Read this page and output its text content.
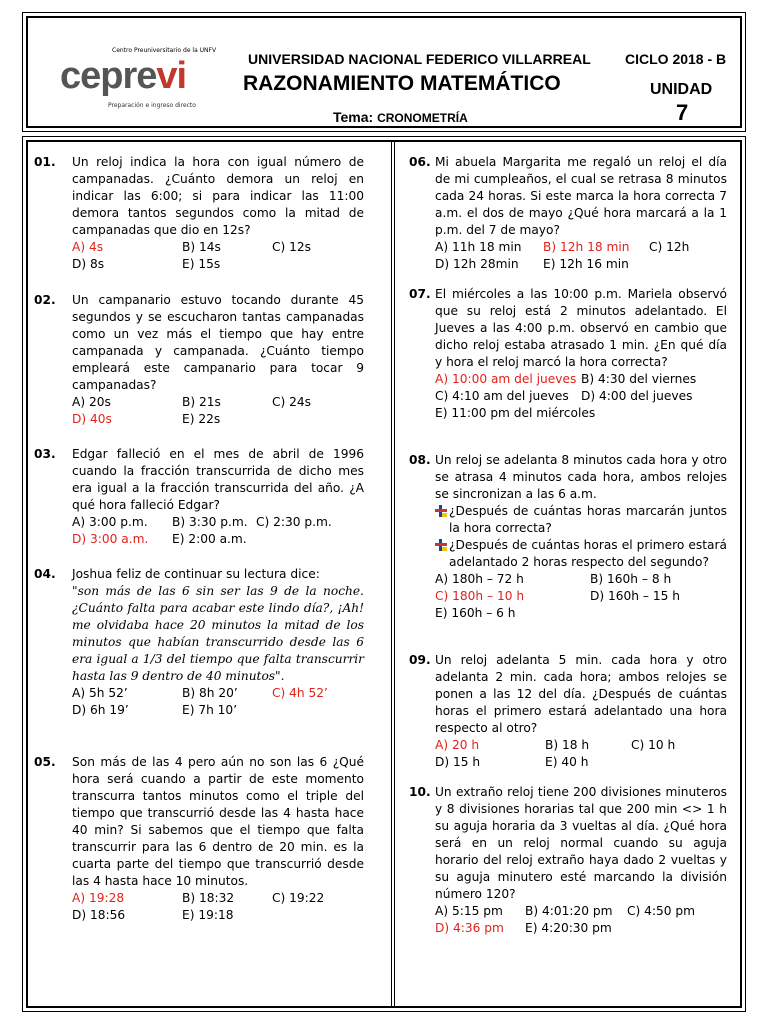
Centro Preuniversitario de la UNFV
ceprevi
Preparación e ingreso directo
UNIVERSIDAD NACIONAL FEDERICO VILLARREAL
RAZONAMIENTO MATEMÁTICO
Tema: CRONOMETRÍA
CICLO 2018 - B
UNIDAD
7
Un reloj indica la hora con igual número de campanadas. ¿Cuánto demora un reloj en indicar las 6:00; si para indicar las 11:00 demora tantos segundos como la mitad de campanadas que dio en 12s?
A) 4s	B) 14s	C) 12s
D) 8s	E) 15s
01.
02. Un campanario estuvo tocando durante 45 segundos y se escucharon tantas campanadas como un vez más el tiempo que hay entre campanada y campanada. ¿Cuánto tiempo empleará este campanario para tocar 9 campanadas?
A) 20s	B) 21s	C) 24s
D) 40s	E) 22s
03. Edgar falleció en el mes de abril de 1996 cuando la fracción transcurrida de dicho mes era igual a la fracción transcurrida del año. ¿A qué hora falleció Edgar?
A) 3:00 p.m. B) 3:30 p.m. C) 2:30 p.m.
D) 3:00 a.m. E) 2:00 a.m.
04. Joshua feliz de continuar su lectura dice:
"son más de las 6 sin ser las 9 de la noche. ¿Cuánto falta para acabar este lindo día?, ¡Ah! me olvidaba hace 20 minutos la mitad de los minutos que habían transcurrido desde las 6 era igual a 1/3 del tiempo que falta transcurrir hasta las 9 dentro de 40 minutos".
A) 5h 52’	B) 8h 20’	C) 4h 52’
D) 6h 19’	E) 7h 10’
05. Son más de las 4 pero aún no son las 6 ¿Qué hora será cuando a partir de este momento transcurra tantos minutos como el triple del tiempo que transcurrió desde las 4 hasta hace 40 min? Si sabemos que el tiempo que falta transcurrir para las 6 dentro de 20 min. es la cuarta parte del tiempo que transcurrió desde las 4 hasta hace 10 minutos.
A) 19:28	B) 18:32	C) 19:22
D) 18:56	E) 19:18
06. Mi abuela Margarita me regaló un reloj el día de mi cumpleaños, el cual se retrasa 8 minutos cada 24 horas. Si este marca la hora correcta 7 a.m. el dos de mayo ¿Qué hora marcará a la 1 p.m. del 7 de mayo?
A) 11h 18 min B) 12h 18 min C) 12h
D) 12h 28min E) 12h 16 min
07. El miércoles a las 10:00 p.m. Mariela observó que su reloj está 2 minutos adelantado. El Jueves a las 4:00 p.m. observó en cambio que dicho reloj estaba atrasado 1 min. ¿En qué día y hora el reloj marcó la hora correcta?
A) 10:00 am del jueves B) 4:30 del viernes
C) 4:10 am del jueves D) 4:00 del jueves
E) 11:00 pm del miércoles
08. Un reloj se adelanta 8 minutos cada hora y otro se atrasa 4 minutos cada hora, ambos relojes se sincronizan a las 6 a.m.
¿Después de cuántas horas marcarán juntos la hora correcta?
¿Después de cuántas horas el primero estará adelantado 2 horas respecto del segundo?
A) 180h – 72 h	B) 160h – 8 h
C) 180h – 10 h	D) 160h – 15 h
E) 160h – 6 h
09. Un reloj adelanta 5 min. cada hora y otro adelanta 2 min. cada hora; ambos relojes se ponen a las 12 del día. ¿Después de cuántas horas el primero estará adelantado una hora respecto al otro?
A) 20 h	B) 18 h	C) 10 h
D) 15 h	E) 40 h
10. Un extraño reloj tiene 200 divisiones minuteros y 8 divisiones horarias tal que 200 min <> 1 h su aguja horaria da 3 vueltas al día. ¿Qué hora será en un reloj normal cuando su aguja horario del reloj extraño haya dado 2 vueltas y su aguja minutero esté marcando la división número 120?
A) 5:15 pm B) 4:01:20 pm C) 4:50 pm
D) 4:36 pm E) 4:20:30 pm
